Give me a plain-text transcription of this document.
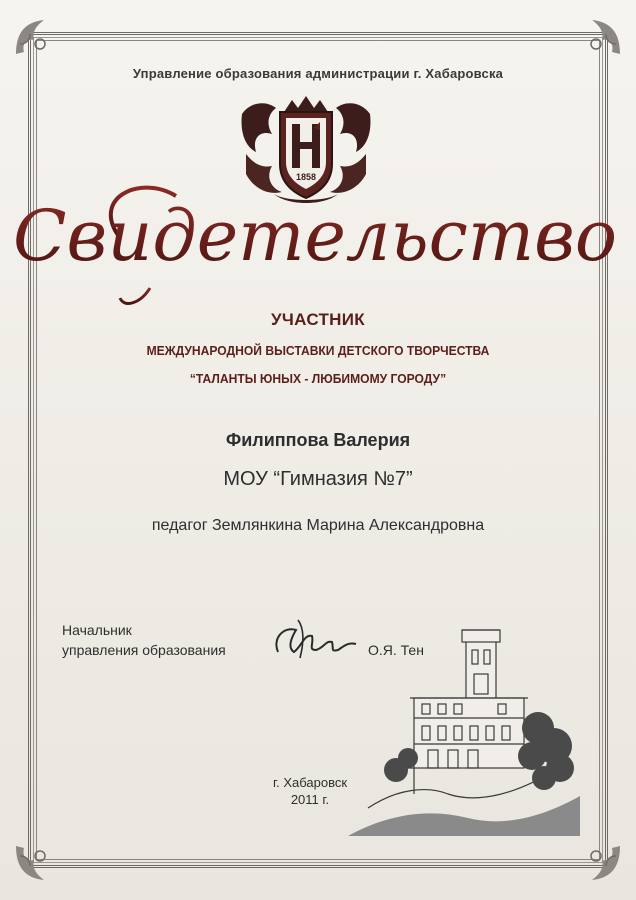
Управление образования администрации г. Хабаровска
1858
Свидетельство
УЧАСТНИК
МЕЖДУНАРОДНОЙ ВЫСТАВКИ ДЕТСКОГО ТВОРЧЕСТВА
“ТАЛАНТЫ ЮНЫХ - ЛЮБИМОМУ ГОРОДУ”
Филиппова Валерия
МОУ “Гимназия №7”
педагог Землянкина Марина Александровна
Начальник
управления образования	О.Я. Тен
г. Хабаровск
2011 г.
